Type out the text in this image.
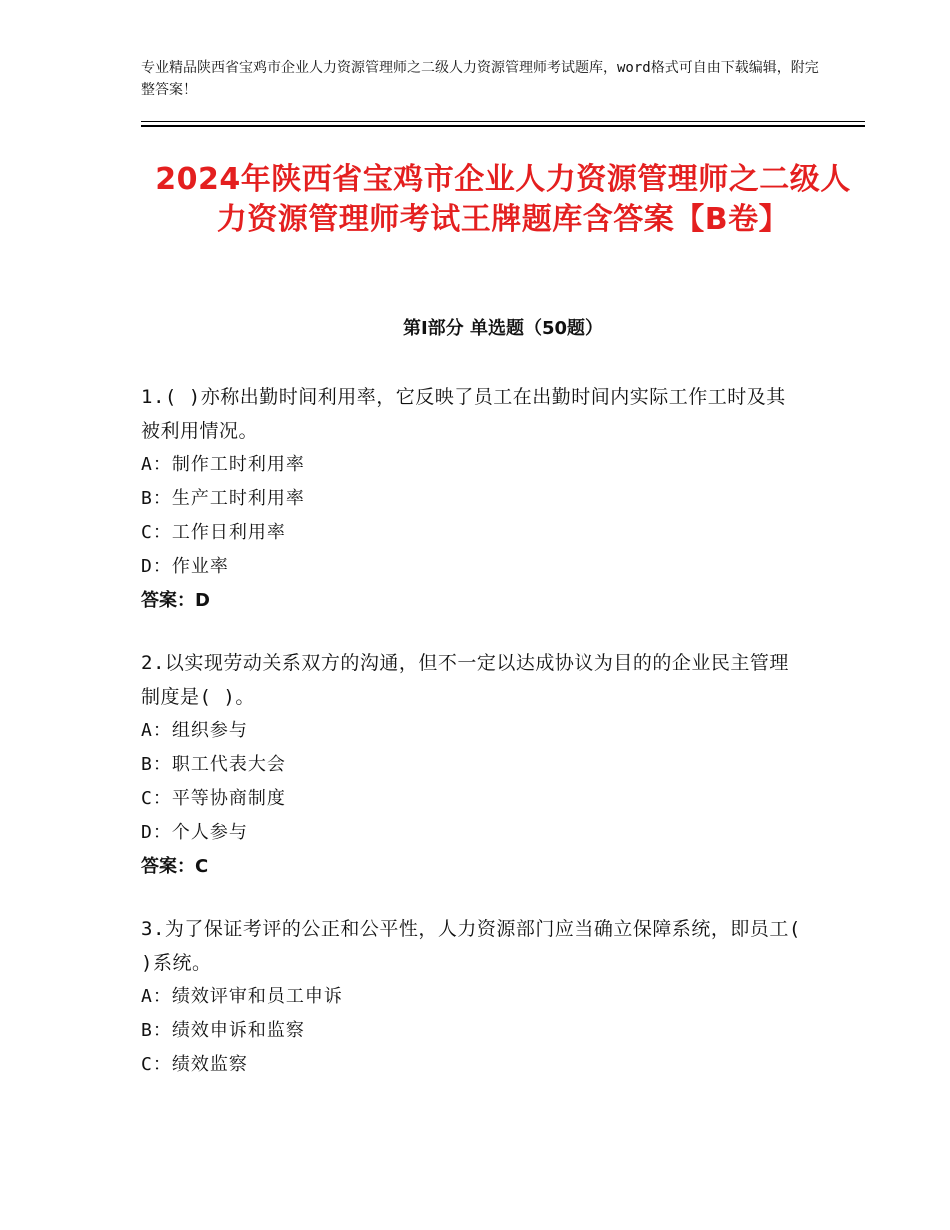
专业精品陕西省宝鸡市企业人力资源管理师之二级人力资源管理师考试题库，word格式可自由下载编辑，附完整答案！
2024年陕西省宝鸡市企业人力资源管理师之二级人力资源管理师考试王牌题库含答案【B卷】
第Ⅰ部分 单选题（50题）

1.( )亦称出勤时间利用率，它反映了员工在出勤时间内实际工作工时及其被利用情况。

A：制作工时利用率
B：生产工时利用率
C：工作日利用率
D：作业率

答案：D

2.以实现劳动关系双方的沟通，但不一定以达成协议为目的的企业民主管理制度是( )。

A：组织参与
B：职工代表大会
C：平等协商制度
D：个人参与

答案：C

3.为了保证考评的公正和公平性，人力资源部门应当确立保障系统，即员工( )系统。

A：绩效评审和员工申诉
B：绩效申诉和监察
C：绩效监察
